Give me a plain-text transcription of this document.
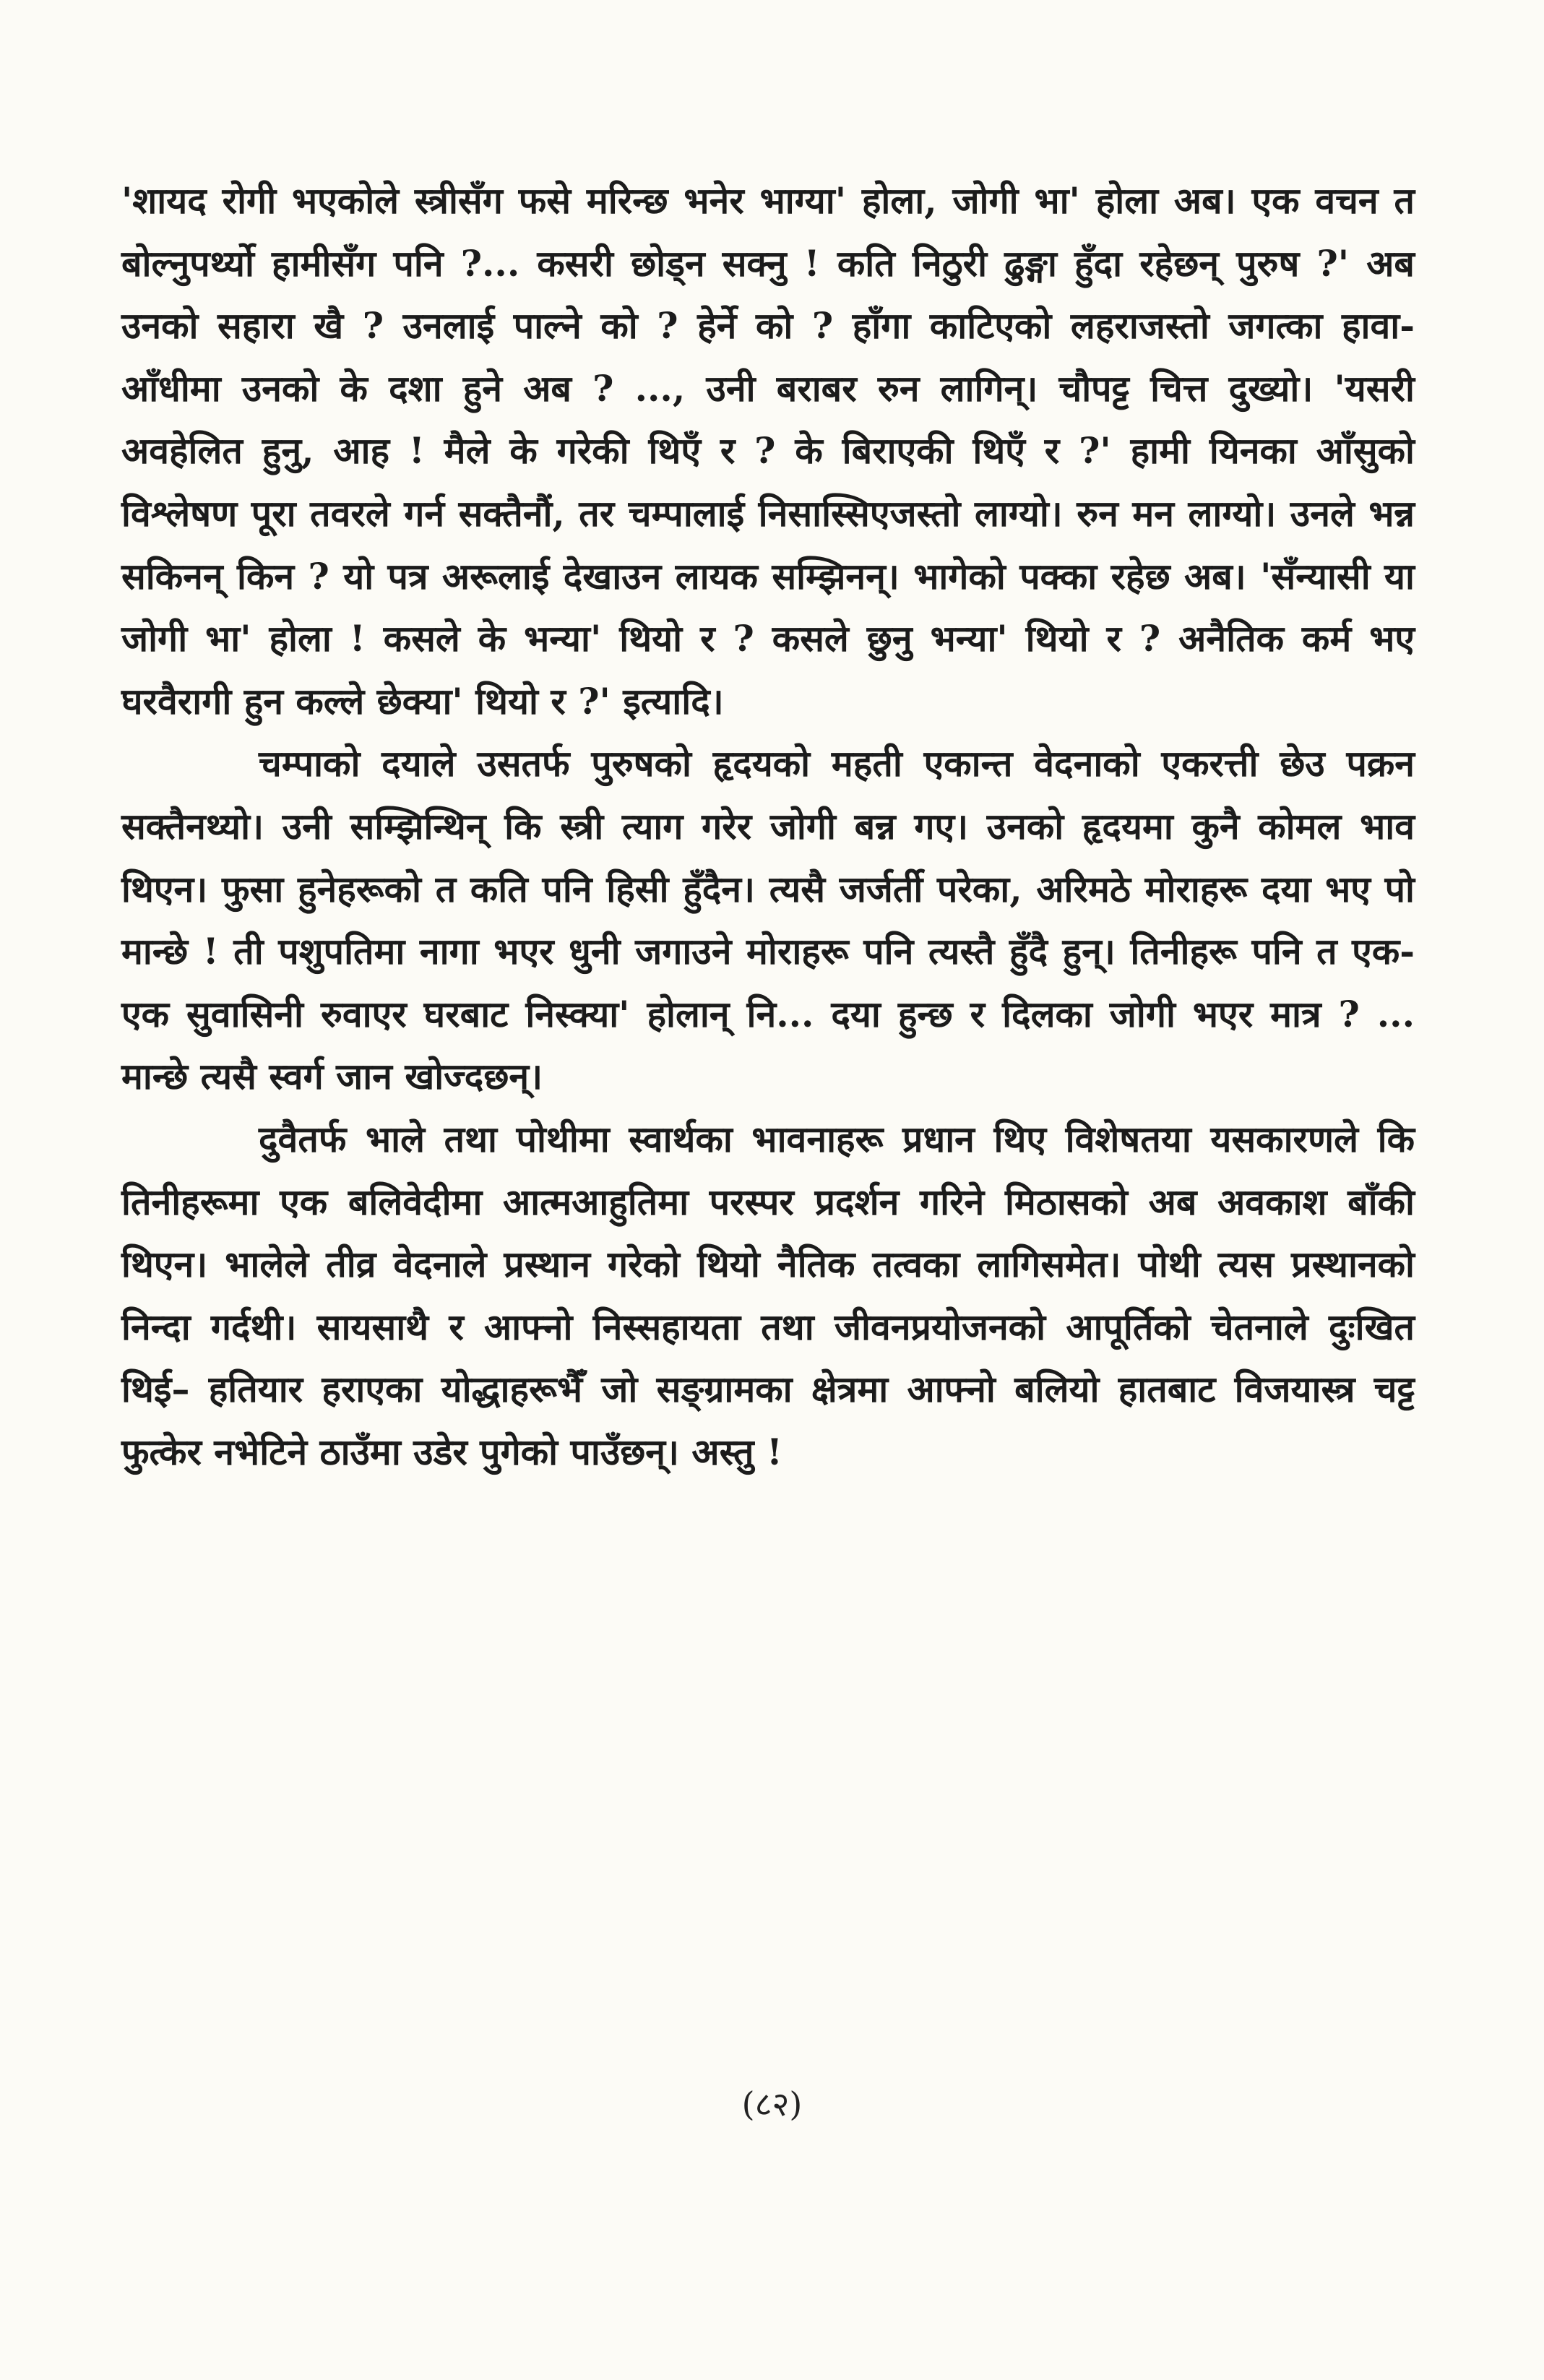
'शायद रोगी भएकोले स्त्रीसँग फसे मरिन्छ भनेर भाग्या' होला, जोगी भा' होला अब। एक वचन त बोल्नुपर्थ्यो हामीसँग पनि ?... कसरी छोड्न सक्नु ! कति निठुरी ढुङ्गा हुँदा रहेछन् पुरुष ?' अब उनको सहारा खै ? उनलाई पाल्ने को ? हेर्ने को ? हाँगा काटिएको लहराजस्तो जगत्का हावा-आँधीमा उनको के दशा हुने अब ? ..., उनी बराबर रुन लागिन्। चौपट्ट चित्त दुख्यो। 'यसरी अवहेलित हुनु, आह ! मैले के गरेकी थिएँ र ? के बिराएकी थिएँ र ?' हामी यिनका आँसुको विश्लेषण पूरा तवरले गर्न सक्तैनौं, तर चम्पालाई निसास्सिएजस्तो लाग्यो। रुन मन लाग्यो। उनले भन्न सकिनन् किन ? यो पत्र अरूलाई देखाउन लायक सम्झिनन्। भागेको पक्का रहेछ अब। 'सँन्यासी या जोगी भा' होला ! कसले के भन्या' थियो र ? कसले छुनु भन्या' थियो र ? अनैतिक कर्म भए घरवैरागी हुन कल्ले छेक्या' थियो र ?' इत्यादि।

चम्पाको दयाले उसतर्फ पुरुषको हृदयको महती एकान्त वेदनाको एकरत्ती छेउ पक्रन सक्तैनथ्यो। उनी सम्झिन्थिन् कि स्त्री त्याग गरेर जोगी बन्न गए। उनको हृदयमा कुनै कोमल भाव थिएन। फुसा हुनेहरूको त कति पनि हिसी हुँदैन। त्यसै जर्जर्ती परेका, अरिमठे मोराहरू दया भए पो मान्छे ! ती पशुपतिमा नागा भएर धुनी जगाउने मोराहरू पनि त्यस्तै हुँदै हुन्। तिनीहरू पनि त एक-एक सुवासिनी रुवाएर घरबाट निस्क्या' होलान् नि... दया हुन्छ र दिलका जोगी भएर मात्र ? ... मान्छे त्यसै स्वर्ग जान खोज्दछन्।

दुवैतर्फ भाले तथा पोथीमा स्वार्थका भावनाहरू प्रधान थिए विशेषतया यसकारणले कि तिनीहरूमा एक बलिवेदीमा आत्मआहुतिमा परस्पर प्रदर्शन गरिने मिठासको अब अवकाश बाँकी थिएन। भालेले तीव्र वेदनाले प्रस्थान गरेको थियो नैतिक तत्वका लागिसमेत। पोथी त्यस प्रस्थानको निन्दा गर्दथी। सायसाथै र आफ्नो निस्सहायता तथा जीवनप्रयोजनको आपूर्तिको चेतनाले दुःखित थिई– हतियार हराएका योद्धाहरूभैँ जो सङ्ग्रामका क्षेत्रमा आफ्नो बलियो हातबाट विजयास्त्र चट्ट फुत्केर नभेटिने ठाउँमा उडेर पुगेको पाउँछन्। अस्तु !

(८२)
